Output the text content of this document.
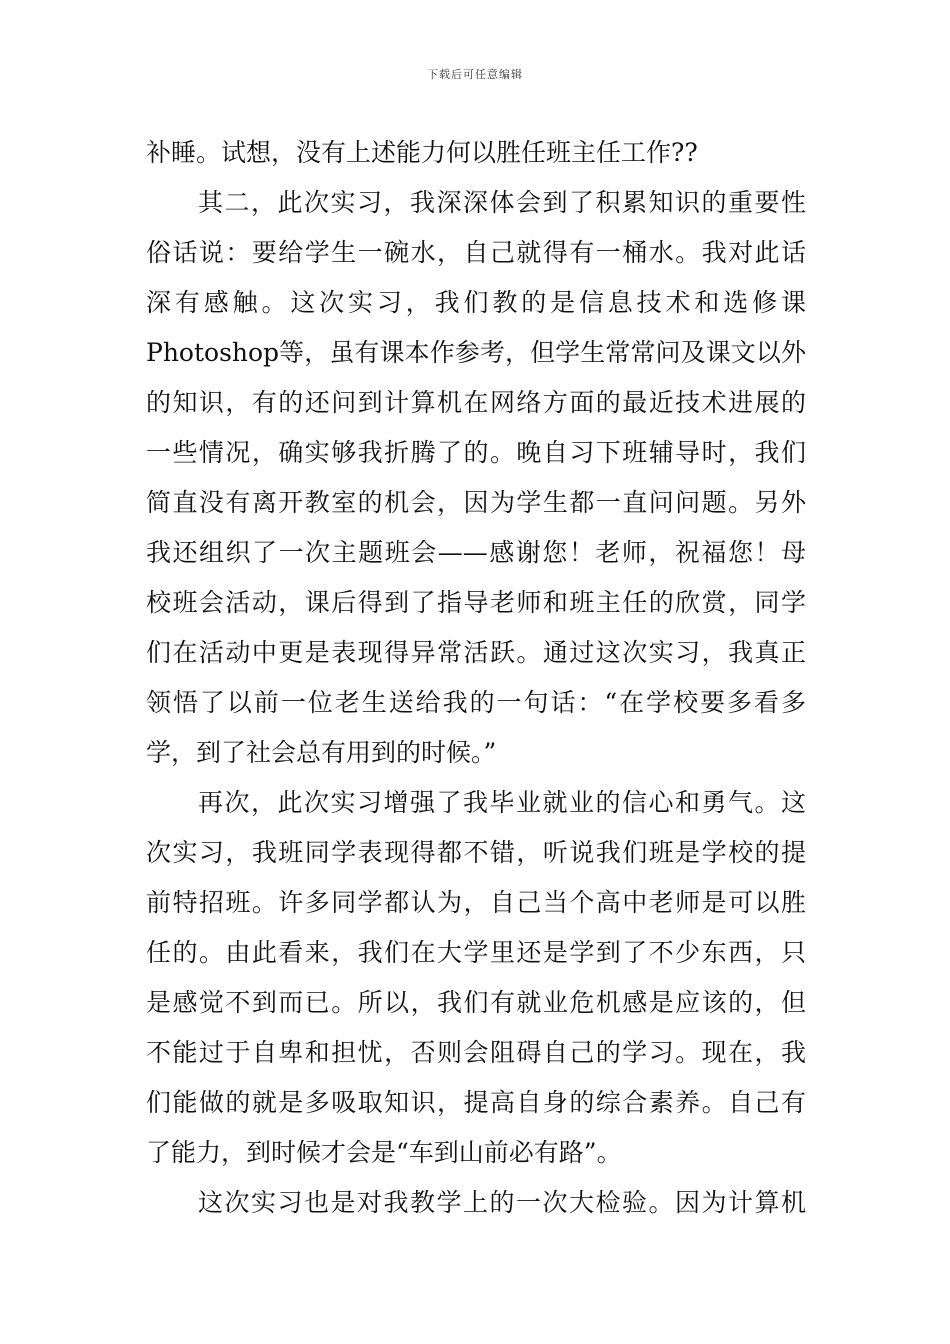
下载后可任意编辑
补睡。试想，没有上述能力何以胜任班主任工作??
其二，此次实习，我深深体会到了积累知识的重要性
俗话说：要给学生一碗水，自己就得有一桶水。我对此话
深有感触。这次实习，我们教的是信息技术和选修课
Photoshop等，虽有课本作参考，但学生常常问及课文以外
的知识，有的还问到计算机在网络方面的最近技术进展的
一些情况，确实够我折腾了的。晚自习下班辅导时，我们
简直没有离开教室的机会，因为学生都一直问问题。另外
我还组织了一次主题班会——感谢您！老师，祝福您！母
校班会活动，课后得到了指导老师和班主任的欣赏，同学
们在活动中更是表现得异常活跃。通过这次实习，我真正
领悟了以前一位老生送给我的一句话：“在学校要多看多
学，到了社会总有用到的时候。”
再次，此次实习增强了我毕业就业的信心和勇气。这
次实习，我班同学表现得都不错，听说我们班是学校的提
前特招班。许多同学都认为，自己当个高中老师是可以胜
任的。由此看来，我们在大学里还是学到了不少东西，只
是感觉不到而已。所以，我们有就业危机感是应该的，但
不能过于自卑和担忧，否则会阻碍自己的学习。现在，我
们能做的就是多吸取知识，提高自身的综合素养。自己有
了能力，到时候才会是“车到山前必有路”。
这次实习也是对我教学上的一次大检验。因为计算机
